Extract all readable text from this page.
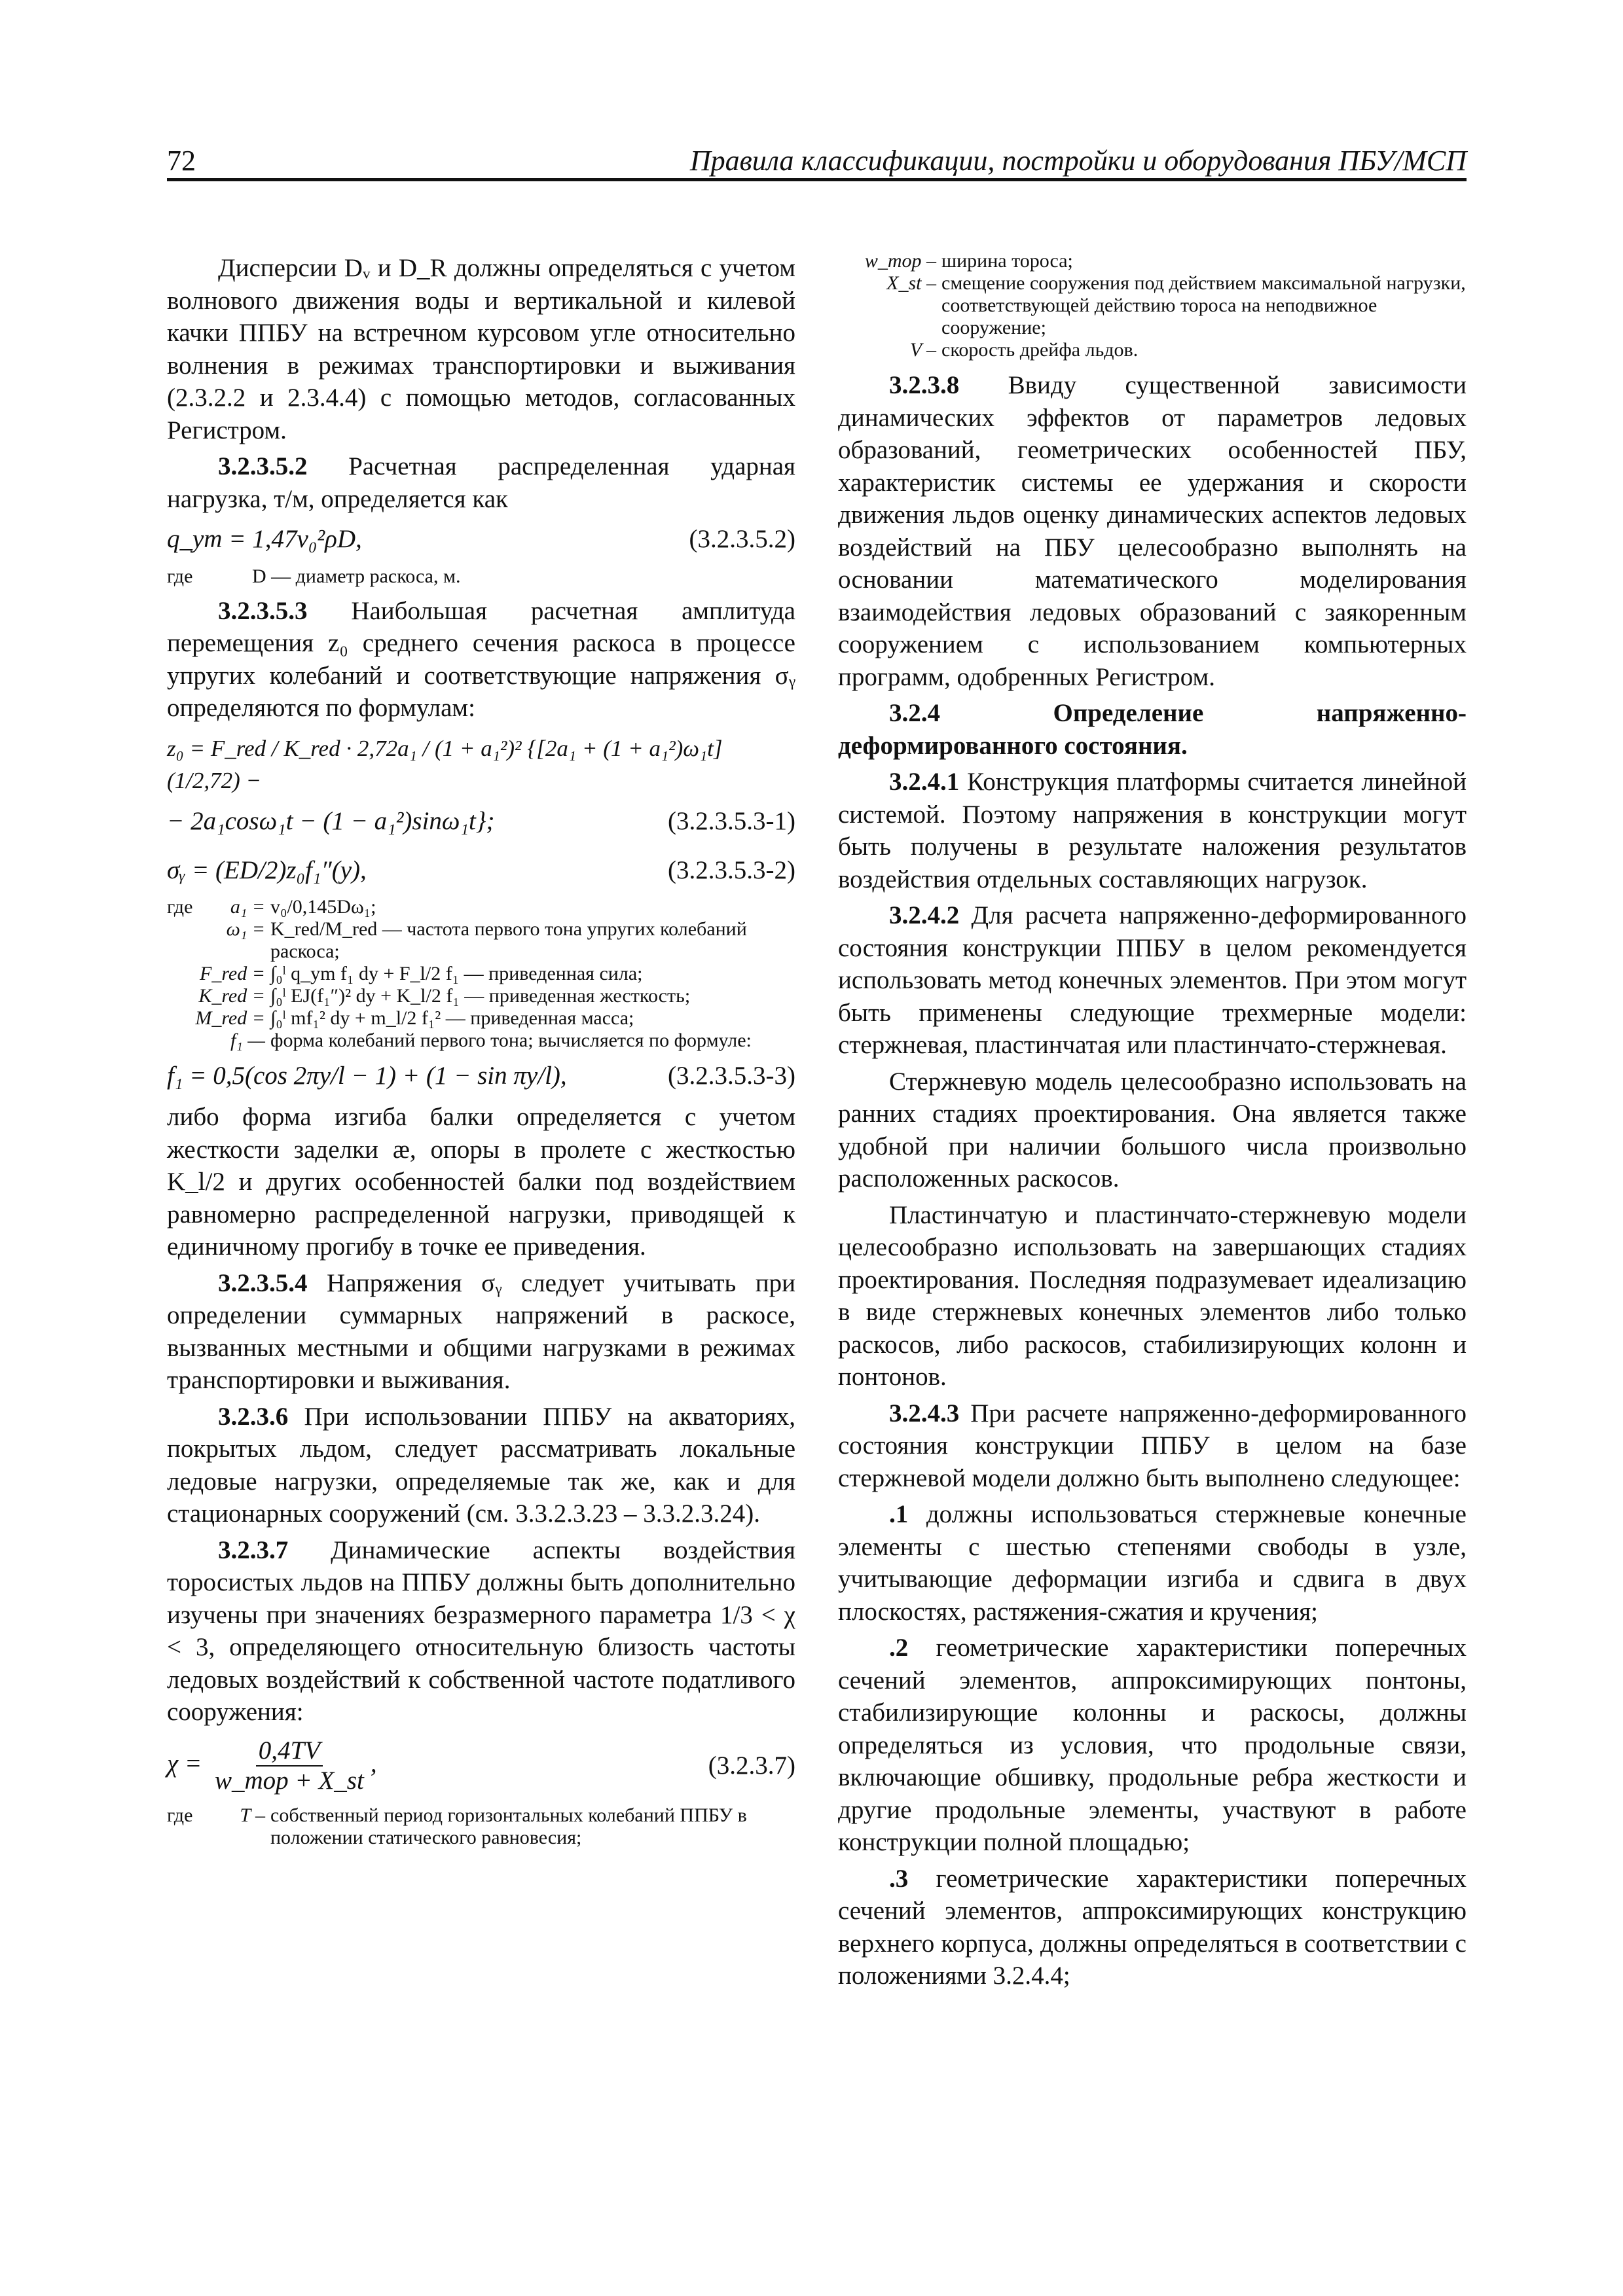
72	Правила классификации, постройки и оборудования ПБУ/МСП

Дисперсии Dᵥ и D_R должны определяться с учетом волнового движения воды и вертикальной и килевой качки ППБУ на встречном курсовом угле относительно волнения в режимах транспортировки и выживания (2.3.2.2 и 2.3.4.4) с помощью методов, согласованных Регистром.

3.2.3.5.2 Расчетная распределенная ударная нагрузка, т/м, определяется как

q_ym = 1,47v₀²ρD,	(3.2.3.5.2)
где	D — диаметр раскоса, м.

3.2.3.5.3 Наибольшая расчетная амплитуда перемещения z₀ среднего сечения раскоса в процессе упругих колебаний и соответствующие напряжения σᵧ определяются по формулам:

z₀ = F_red / K_red · 2,72a₁ / (1 + a₁²)² {[2a₁ + (1 + a₁²)ω₁t](1/2,72) −
− 2a₁cosω₁t − (1 − a₁²)sinω₁t};	(3.2.3.5.3-1)
σᵧ = (ED/2)z₀f₁″(y),	(3.2.3.5.3-2)
где	a₁ = v₀/0,145Dω₁;
ω₁ = K_red/M_red — частота первого тона упругих колебаний раскоса;
F_red = ∫₀ˡ q_ym f₁ dy + F_l/2 f₁ — приведенная сила;
K_red = ∫₀ˡ EJ(f₁″)² dy + K_l/2 f₁ — приведенная жесткость;
M_red = ∫₀ˡ mf₁² dy + m_l/2 f₁² — приведенная масса;
f₁ — форма колебаний первого тона; вычисляется по формуле:
f₁ = 0,5(cos 2πy/l − 1) + (1 − sin πy/l),	(3.2.3.5.3-3)

либо форма изгиба балки определяется с учетом жесткости заделки æ, опоры в пролете с жесткостью K_l/2 и других особенностей балки под воздействием равномерно распределенной нагрузки, приводящей к единичному прогибу в точке ее приведения.

3.2.3.5.4 Напряжения σᵧ следует учитывать при определении суммарных напряжений в раскосе, вызванных местными и общими нагрузками в режимах транспортировки и выживания.

3.2.3.6 При использовании ППБУ на акваториях, покрытых льдом, следует рассматривать локальные ледовые нагрузки, определяемые так же, как и для стационарных сооружений (см. 3.3.2.3.23 – 3.3.2.3.24).

3.2.3.7 Динамические аспекты воздействия торосистых льдов на ППБУ должны быть дополнительно изучены при значениях безразмерного параметра 1/3 < χ < 3, определяющего относительную близость частоты ледовых воздействий к собственной частоте податливого сооружения:

$\chi = \frac{0,4TV}{\text{w\_mop + X\_st}}$ ,	(3.2.3.7)
где	T – собственный период горизонтальных колебаний ППБУ в положении статического равновесия;
w_mop – ширина тороса;
X_st – смещение сооружения под действием максимальной нагрузки, соответствующей действию тороса на неподвижное сооружение;
V – скорость дрейфа льдов.

3.2.3.8 Ввиду существенной зависимости динамических эффектов от параметров ледовых образований, геометрических особенностей ПБУ, характеристик системы ее удержания и скорости движения льдов оценку динамических аспектов ледовых воздействий на ПБУ целесообразно выполнять на основании математического моделирования взаимодействия ледовых образований с заякоренным сооружением с использованием компьютерных программ, одобренных Регистром.

3.2.4 Определение напряженно-деформированного состояния.

3.2.4.1 Конструкция платформы считается линейной системой. Поэтому напряжения в конструкции могут быть получены в результате наложения результатов воздействия отдельных составляющих нагрузок.

3.2.4.2 Для расчета напряженно-деформированного состояния конструкции ППБУ в целом рекомендуется использовать метод конечных элементов. При этом могут быть применены следующие трехмерные модели: стержневая, пластинчатая или пластинчато-стержневая.

Стержневую модель целесообразно использовать на ранних стадиях проектирования. Она является также удобной при наличии большого числа произвольно расположенных раскосов.

Пластинчатую и пластинчато-стержневую модели целесообразно использовать на завершающих стадиях проектирования. Последняя подразумевает идеализацию в виде стержневых конечных элементов либо только раскосов, либо раскосов, стабилизирующих колонн и понтонов.

3.2.4.3 При расчете напряженно-деформированного состояния конструкции ППБУ в целом на базе стержневой модели должно быть выполнено следующее:

.1 должны использоваться стержневые конечные элементы с шестью степенями свободы в узле, учитывающие деформации изгиба и сдвига в двух плоскостях, растяжения-сжатия и кручения;

.2 геометрические характеристики поперечных сечений элементов, аппроксимирующих понтоны, стабилизирующие колонны и раскосы, должны определяться из условия, что продольные связи, включающие обшивку, продольные ребра жесткости и другие продольные элементы, участвуют в работе конструкции полной площадью;

.3 геометрические характеристики поперечных сечений элементов, аппроксимирующих конструкцию верхнего корпуса, должны определяться в соответствии с положениями 3.2.4.4;
